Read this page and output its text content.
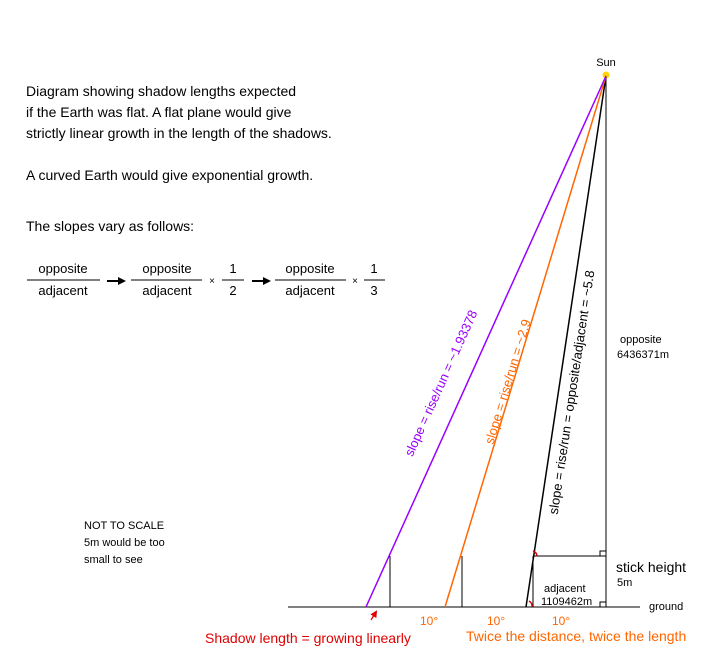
Diagram showing shadow lengths expected
if the Earth was flat. A flat plane would give
strictly linear growth in the length of the shadows.
A curved Earth would give exponential growth.
The slopes vary as follows:
NOT TO SCALE
5m would be too
small to see
opposite
adjacent
opposite
adjacent
×
1
2
opposite
adjacent
×
1
3
Sun
opposite
6436371m
ground
stick height
5m
adjacent
1109462m
slope = rise/run = opposite/adjacent = ~5.8
slope = rise/run = ~2.9
slope = rise/run = ~1.93378
10°	10°	10°
Shadow length = growing linearly	Twice the distance, twice the length
